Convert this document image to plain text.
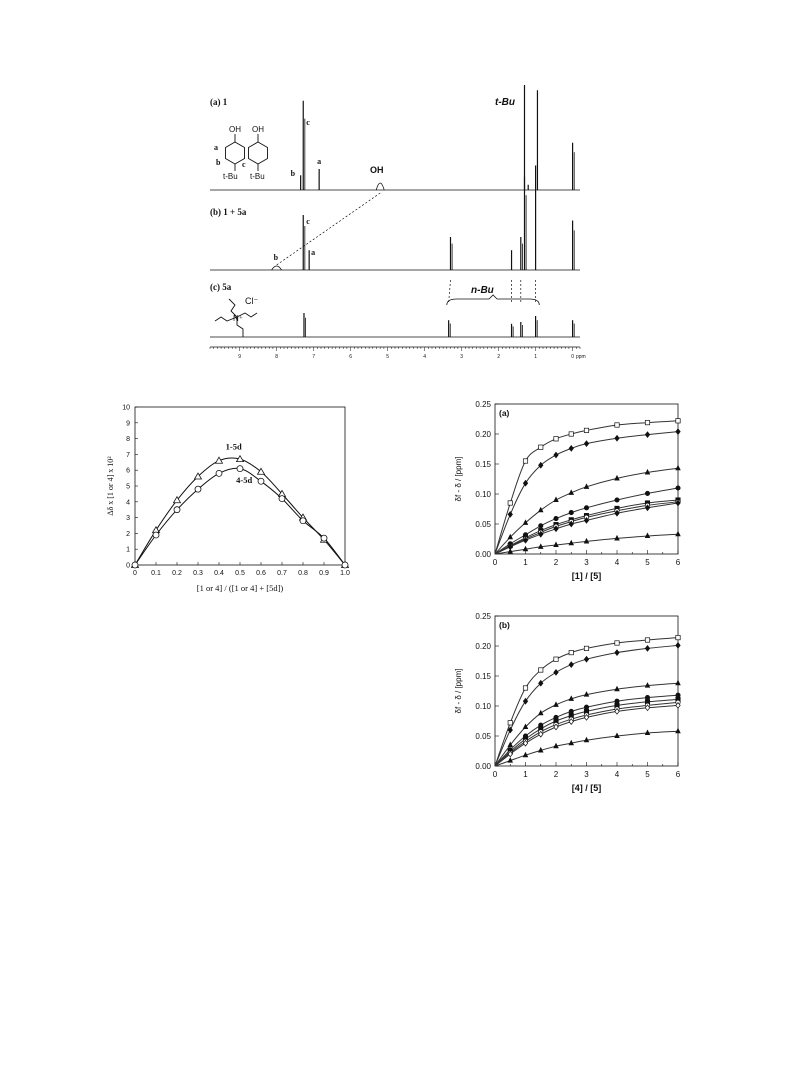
(a) 1
c
b
a
(b) 1 + 5a
c
a
b
(c) 5a
t-Bu
OH
n-Bu
OH OH
t-Bu t-Bu
a
b	c
N⁺
Cl⁻
9	8	7	6	5	4	3	2	1	0 ppm
0 0.1 0.2 0.3 0.4 0.5 0.6 0.7 0.8 0.9 1.0
0
1
2
3
4
5
6
7
8
9
10
[1 or 4] / ([1 or 4] + [5d])
Δδ x [1 or 4] x 10²
1-5d
4-5d
0	1	2	3	4	5	6
0.00
0.05
0.10
0.15
0.20
0.25
(a)
[1] / [5]
δf - δ / [ppm]
0	1	2	3	4	5	6
0.00
0.05
0.10
0.15
0.20
0.25
(b)
[4] / [5]
δf - δ / [ppm]
